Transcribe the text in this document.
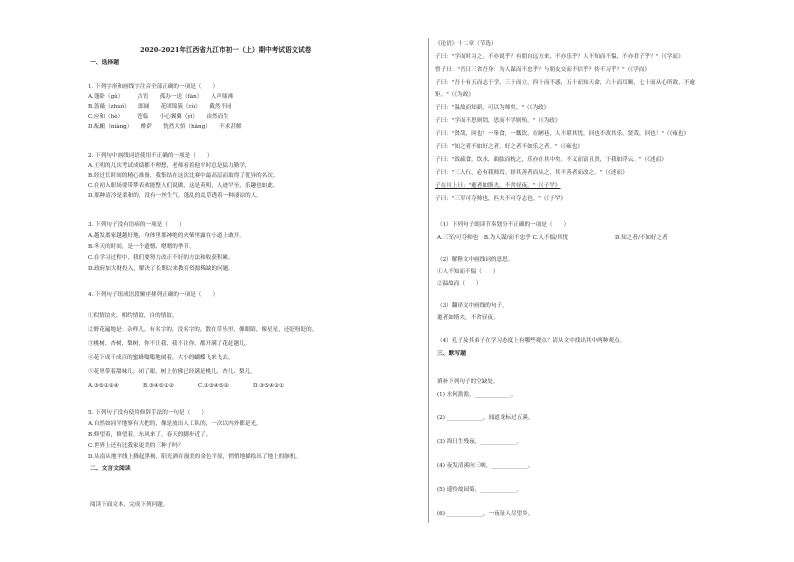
2020-2021年江西省九江市初一（上）期中考试语文试卷
一、选择题
1. 下列字形和画线字注音全部正确的一项是（　　）
A.蓬卧（gǔ）　　　吉宵　　孤办一送（fàn）　　人声鼎沸
B.蔷薇（zhuó）　　郎阔　　花团锦簇（cù）　　截然不同
C.应和（hè）　　　苍临　　小心翼翼（yì）　　由然而生
D.酝酿（niàng）　　酢萨　　恍然大悟（hǎng）　　不求甚解
2. 下列句中画线词语使用不正确的一项是（　　）
A.王明的几次考试成绩都不理想，老师看着他平时总是猛力勤学，
B.经过长时间的精心准备，我集结在这次比赛中最高层而取得了优异的名次。
C.在初入职场要带梦表欢能整人们说做，这是英明，人迹罕至，乐趣也如此。
D.那种清冷是柔和的，没有一丝生气，蓬乱的乱草透着一种凄凉的人。
3. 下列句子没有语病的一项是（　　）
A.越发离家越越好地，身体里那神绝的火柴里露在小道上敢开。
B.冬天的时间，是一个遗憾、嗯嗯的季节。
C.在学习过程中，我们要努力改正不好的方法和收获积累。
D.政府加大财投入，解决了长期以来教育资源稀缺的问题。
4. 下列句子组成语段顺序排列正确的一项是（　　）
①似情谊火，相约情谊，自的情谊。
②野花遍地是：杂样儿，有名字的，没名字的，散在草丛里，像眼睛，像星星，还眨呀眨的。
③桃树、杏树、梨树，你不让我，我不让你，都开满了花赶趟儿。
④花下成千成百的蜜蜂嗡嗡地闹着，大小的蝴蝶飞来飞去。
⑤花里带着甜味儿；闭了眼，树上仿佛已经满是桃儿、杏儿、梨儿。
A.③⑤①②④	B.③④⑤①②	C.①③④⑤②	D.③⑤④②①
5. 下列句子没有使用修辞手法的一句是（　　）
A.自然如同平地寥有大把的，像是放出人工队的，一次以内外都是光。
B.修望着，修望着，东风来了，春天的脚步近了。
C.世界上还有比我家更美的三种子吗？
D.从南从地平线上腾起黑褐，阳光洒在漫美的金色平原，悄悄地描绘出了地上的脉机。
二、文言文阅读
阅读下面文本，完成下列问题。
《论语》十二章（节选）
子曰："学而时习之，不亦说乎？有朋自远方来，不亦乐乎？人不知而不愠，不亦君子乎？"（《学而》
曾子曰："吾日三省吾身：为人谋而不忠乎？与朋友交而不信乎？传不习乎？"（《学而》
子曰："吾十有五而志于学，三十而立，四十而不惑，五十而知天命，六十而耳顺，七十而从心所欲，不逾
矩。"（《为政》
子曰："温故而知新，可以为师矣。"（《为政》
子曰："学而不思则罔，思而不学则殆。"（《为政》
子曰："贤哉，回也！一箪食，一瓢饮，在陋巷，人不堪其忧，回也不改其乐。贤哉，回也！"（《雍也》
子曰："知之者不如好之者，好之者不如乐之者。"（《雍也》
子曰："饭疏食，饮水，曲肱而枕之，乐亦在其中矣。不义而富且贵，于我如浮云。"（《述而》
子曰："三人行，必有我师焉。择其善者而从之，其不善者而改之。"（《述而》
子在川上曰："逝者如斯夫，不舍昼夜。"（《子罕》
子曰："三军可夺帅也，匹夫不可夺志也。"（《子罕》
（1）下列句子朗读节奏划分不正确的一项是（　　）
A.三军/可夺帅也　B.为人谋/而不忠乎 C.人不愠/其忧	D.知之者/不如好之者
（2）解释文中画线词的意思。
①人不知而不愠（　　）
②温故而（　　）
（3）翻译文中画线的句子。
逝者如斯夫，不舍昼夜。
（4）孔子及其弟子在学习态度上有哪些观点？请从文中找出其中两种观点。
三、默写题
填补下列句子的空缺处。
(1) 水何澹澹，_____________。
(2) _____________，闻道龙标过五溪。
(3) 海日生残夜，_____________。
(4) 夜发清溪向三峡，_____________。
(5) 遥怜故园菊，_____________。
(6) _____________，一夜征人尽望乡。
